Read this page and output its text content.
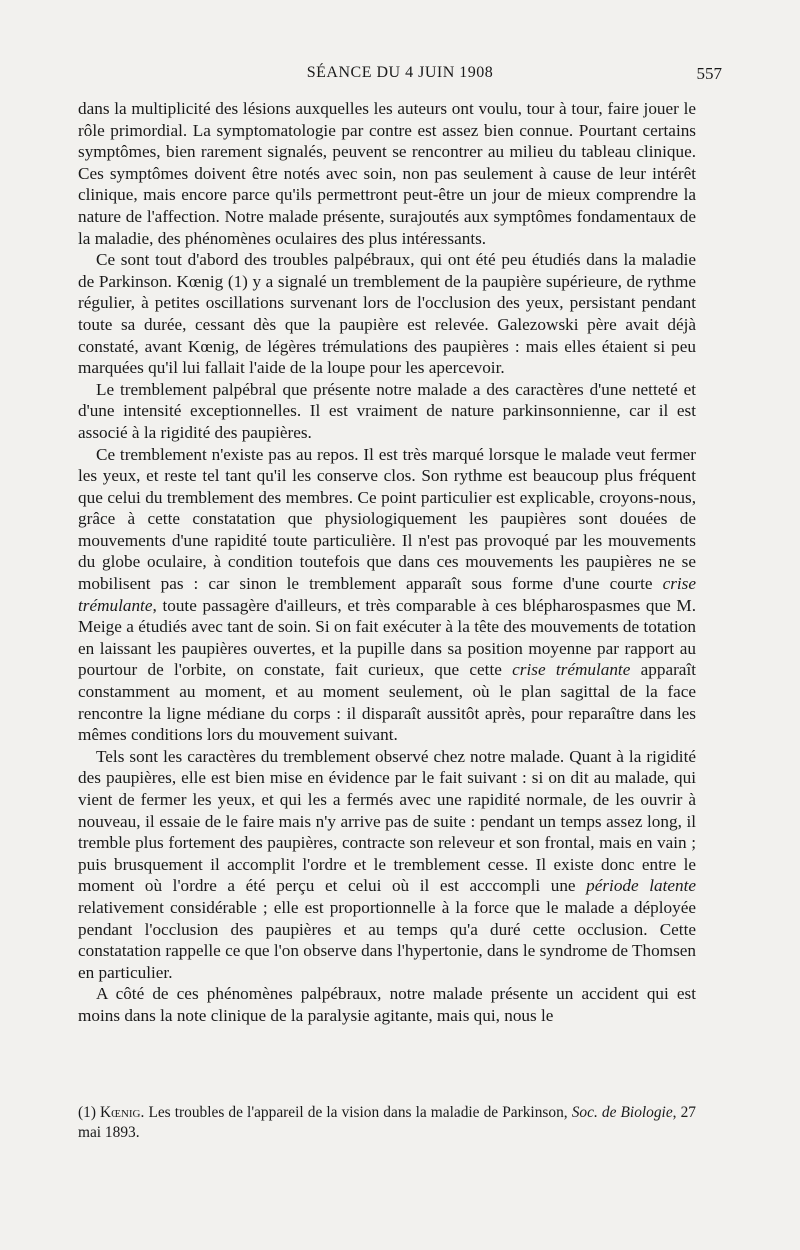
SÉANCE DU 4 JUIN 1908	557

dans la multiplicité des lésions auxquelles les auteurs ont voulu, tour à tour, faire jouer le rôle primordial. La symptomatologie par contre est assez bien connue. Pourtant certains symptômes, bien rarement signalés, peuvent se rencontrer au milieu du tableau clinique. Ces symptômes doivent être notés avec soin, non pas seulement à cause de leur intérêt clinique, mais encore parce qu'ils permettront peut-être un jour de mieux comprendre la nature de l'affection. Notre malade présente, surajoutés aux symptômes fondamentaux de la maladie, des phénomènes oculaires des plus intéressants.

Ce sont tout d'abord des troubles palpébraux, qui ont été peu étudiés dans la maladie de Parkinson. Kœnig (1) y a signalé un tremblement de la paupière supérieure, de rythme régulier, à petites oscillations survenant lors de l'occlusion des yeux, persistant pendant toute sa durée, cessant dès que la paupière est relevée. Galezowski père avait déjà constaté, avant Kœnig, de légères trémulations des paupières : mais elles étaient si peu marquées qu'il lui fallait l'aide de la loupe pour les apercevoir.

Le tremblement palpébral que présente notre malade a des caractères d'une netteté et d'une intensité exceptionnelles. Il est vraiment de nature parkinsonnienne, car il est associé à la rigidité des paupières.

Ce tremblement n'existe pas au repos. Il est très marqué lorsque le malade veut fermer les yeux, et reste tel tant qu'il les conserve clos. Son rythme est beaucoup plus fréquent que celui du tremblement des membres. Ce point particulier est explicable, croyons-nous, grâce à cette constatation que physiologiquement les paupières sont douées de mouvements d'une rapidité toute particulière. Il n'est pas provoqué par les mouvements du globe oculaire, à condition toutefois que dans ces mouvements les paupières ne se mobilisent pas : car sinon le tremblement apparaît sous forme d'une courte crise trémulante, toute passagère d'ailleurs, et très comparable à ces blépharospasmes que M. Meige a étudiés avec tant de soin. Si on fait exécuter à la tête des mouvements de totation en laissant les paupières ouvertes, et la pupille dans sa position moyenne par rapport au pourtour de l'orbite, on constate, fait curieux, que cette crise trémulante apparaît constamment au moment, et au moment seulement, où le plan sagittal de la face rencontre la ligne médiane du corps : il disparaît aussitôt après, pour reparaître dans les mêmes conditions lors du mouvement suivant.

Tels sont les caractères du tremblement observé chez notre malade. Quant à la rigidité des paupières, elle est bien mise en évidence par le fait suivant : si on dit au malade, qui vient de fermer les yeux, et qui les a fermés avec une rapidité normale, de les ouvrir à nouveau, il essaie de le faire mais n'y arrive pas de suite : pendant un temps assez long, il tremble plus fortement des paupières, contracte son releveur et son frontal, mais en vain ; puis brusquement il accomplit l'ordre et le tremblement cesse. Il existe donc entre le moment où l'ordre a été perçu et celui où il est acccompli une période latente relativement considérable ; elle est proportionnelle à la force que le malade a déployée pendant l'occlusion des paupières et au temps qu'a duré cette occlusion. Cette constatation rappelle ce que l'on observe dans l'hypertonie, dans le syndrome de Thomsen en particulier.

A côté de ces phénomènes palpébraux, notre malade présente un accident qui est moins dans la note clinique de la paralysie agitante, mais qui, nous le

(1) Kœnig. Les troubles de l'appareil de la vision dans la maladie de Parkinson, Soc. de Biologie, 27 mai 1893.
